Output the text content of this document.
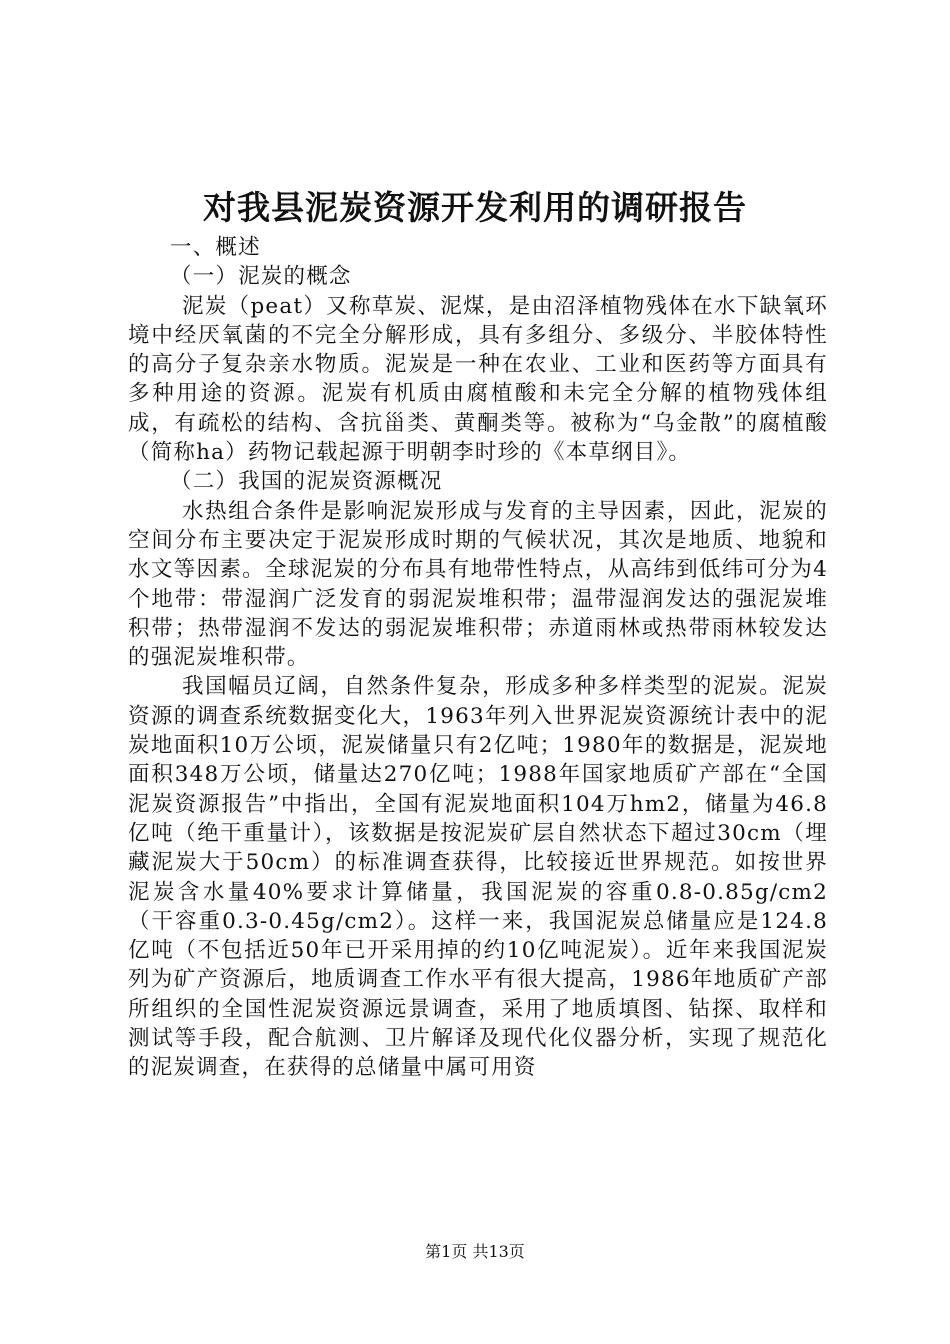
对我县泥炭资源开发利用的调研报告

一、概述

（一）泥炭的概念

泥炭（peat）又称草炭、泥煤，是由沼泽植物残体在水下缺氧环境中经厌氧菌的不完全分解形成，具有多组分、多级分、半胶体特性的高分子复杂亲水物质。泥炭是一种在农业、工业和医药等方面具有多种用途的资源。泥炭有机质由腐植酸和未完全分解的植物残体组成，有疏松的结构、含抗甾类、黄酮类等。被称为“乌金散”的腐植酸（简称ha）药物记载起源于明朝李时珍的《本草纲目》。

（二）我国的泥炭资源概况

水热组合条件是影响泥炭形成与发育的主导因素，因此，泥炭的空间分布主要决定于泥炭形成时期的气候状况，其次是地质、地貌和水文等因素。全球泥炭的分布具有地带性特点，从高纬到低纬可分为4个地带：带湿润广泛发育的弱泥炭堆积带；温带湿润发达的强泥炭堆积带；热带湿润不发达的弱泥炭堆积带；赤道雨林或热带雨林较发达的强泥炭堆积带。

我国幅员辽阔，自然条件复杂，形成多种多样类型的泥炭。泥炭资源的调查系统数据变化大，1963年列入世界泥炭资源统计表中的泥炭地面积10万公顷，泥炭储量只有2亿吨；1980年的数据是，泥炭地面积348万公顷，储量达270亿吨；1988年国家地质矿产部在“全国泥炭资源报告”中指出，全国有泥炭地面积104万hm2，储量为46.8亿吨（绝干重量计），该数据是按泥炭矿层自然状态下超过30cm（埋藏泥炭大于50cm）的标准调查获得，比较接近世界规范。如按世界泥炭含水量40%要求计算储量，我国泥炭的容重0.8-0.85g/cm2（干容重0.3-0.45g/cm2）。这样一来，我国泥炭总储量应是124.8亿吨（不包括近50年已开采用掉的约10亿吨泥炭）。近年来我国泥炭列为矿产资源后，地质调查工作水平有很大提高，1986年地质矿产部所组织的全国性泥炭资源远景调查，采用了地质填图、钻探、取样和测试等手段，配合航测、卫片解译及现代化仪器分析，实现了规范化的泥炭调查，在获得的总储量中属可用资

第1页 共13页
